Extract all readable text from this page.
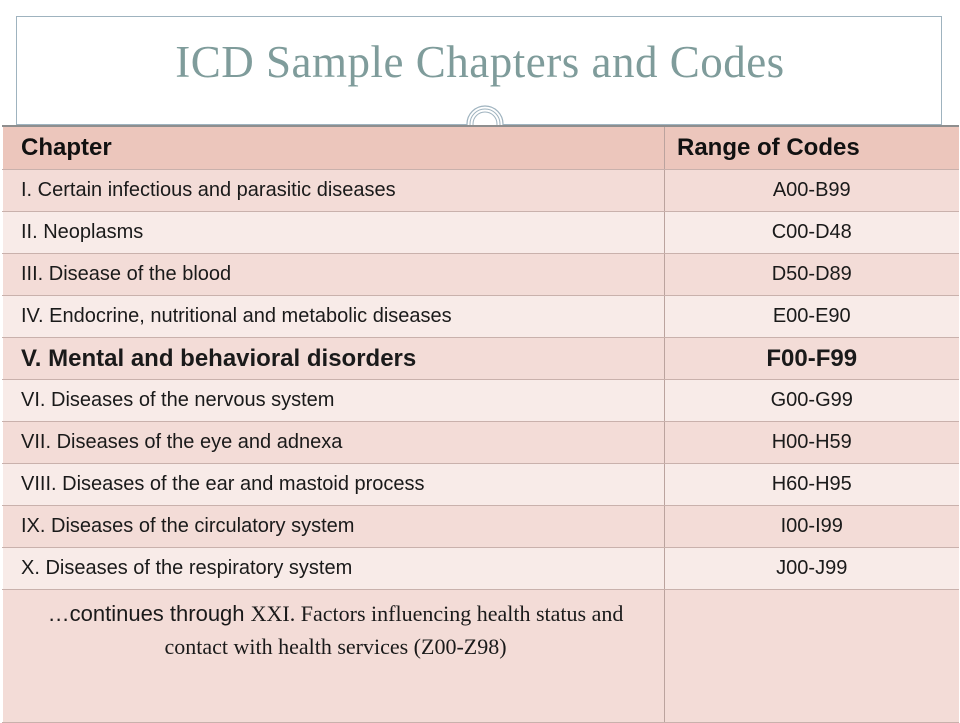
ICD Sample Chapters and Codes
Chapter	Range of Codes
I. Certain infectious and parasitic diseases	A00-B99
II. Neoplasms	C00-D48
III. Disease of the blood	D50-D89
IV. Endocrine, nutritional and metabolic diseases	E00-E90
V. Mental and behavioral disorders	F00-F99
VI. Diseases of the nervous system	G00-G99
VII. Diseases of the eye and adnexa	H00-H59
VIII. Diseases of the ear and mastoid process	H60-H95
IX. Diseases of the circulatory system	I00-I99
X. Diseases of the respiratory system	J00-J99
…continues through XXI. Factors influencing health status and contact with health services (Z00-Z98)	
